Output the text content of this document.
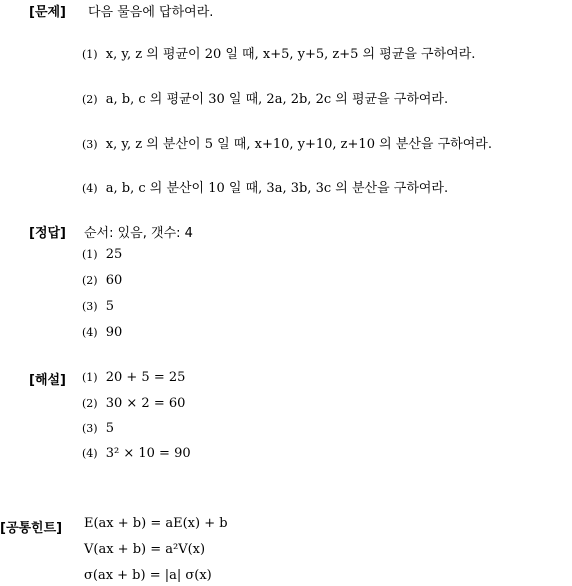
[문제] 다음 물음에 답하여라.
(1) x, y, z 의 평균이 20 일 때, x+5, y+5, z+5 의 평균을 구하여라.
(2) a, b, c 의 평균이 30 일 때, 2a, 2b, 2c 의 평균을 구하여라.
(3) x, y, z 의 분산이 5 일 때, x+10, y+10, z+10 의 분산을 구하여라.
(4) a, b, c 의 분산이 10 일 때, 3a, 3b, 3c 의 분산을 구하여라.
[정답] 순서: 있음, 갯수: 4
(1) 25
(2) 60
(3) 5
(4) 90
[해설] (1) 20 + 5 = 25
(2) 30 × 2 = 60
(3) 5
(4) 3² × 10 = 90
[공통힌트] E(ax + b) = aE(x) + b
V(ax + b) = a²V(x)
σ(ax + b) = |a| σ(x)
